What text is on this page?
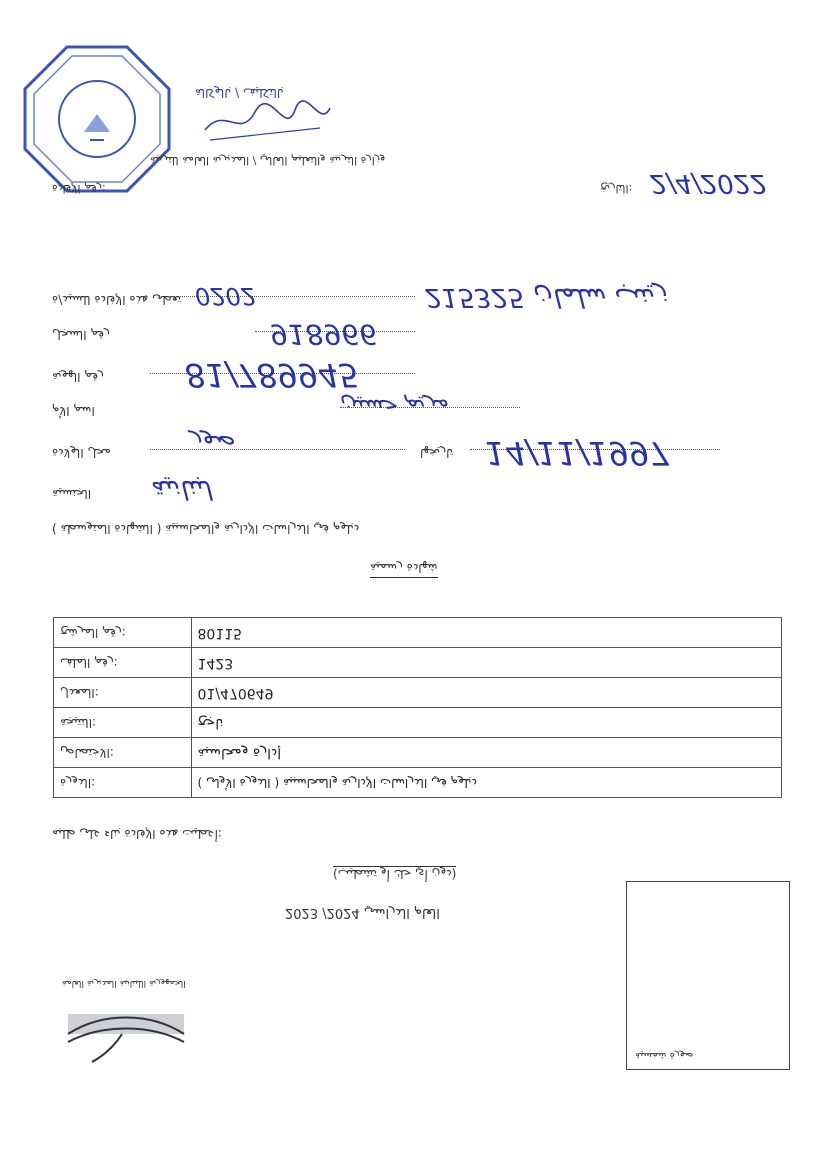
بالتكليف / بالوكالة
وزارة التربية والتعليم العالي / المديرية العامة للتربية
رقم الإفادة:	التاريخ: 2/4/2022
تعطى هذه الإفادة للسيد/ة 0202	215325 زينب سلمان
رقم السجل	918966
رقم الهوية	81/789945
اسم الأم	مريم حسين
محل الولادة	صور	تاريخها 14/11/1997
الجنسية لبنانية
( الشهادة المتوسطة ) دبلوم في الدراسات الإدارية والمحاسبية
شهادة رسمية
رقم المرشح:	80115
رقم الملف:	1423
المعدل:	01/470649
النتيجة:	ناجح
الاختصاص:	إدارة ومحاسبة
الدورة:	( الدورة الأولى ) دبلوم في الدراسات الإدارية والمحاسبية
أعطيت هذه الإفادة بناء على طلبه:
(دون أي حك أو تشطيب)
2023 /2024 العام الدراسي
الجمهورية اللبنانية المديرية العامة
صورة شمسية
